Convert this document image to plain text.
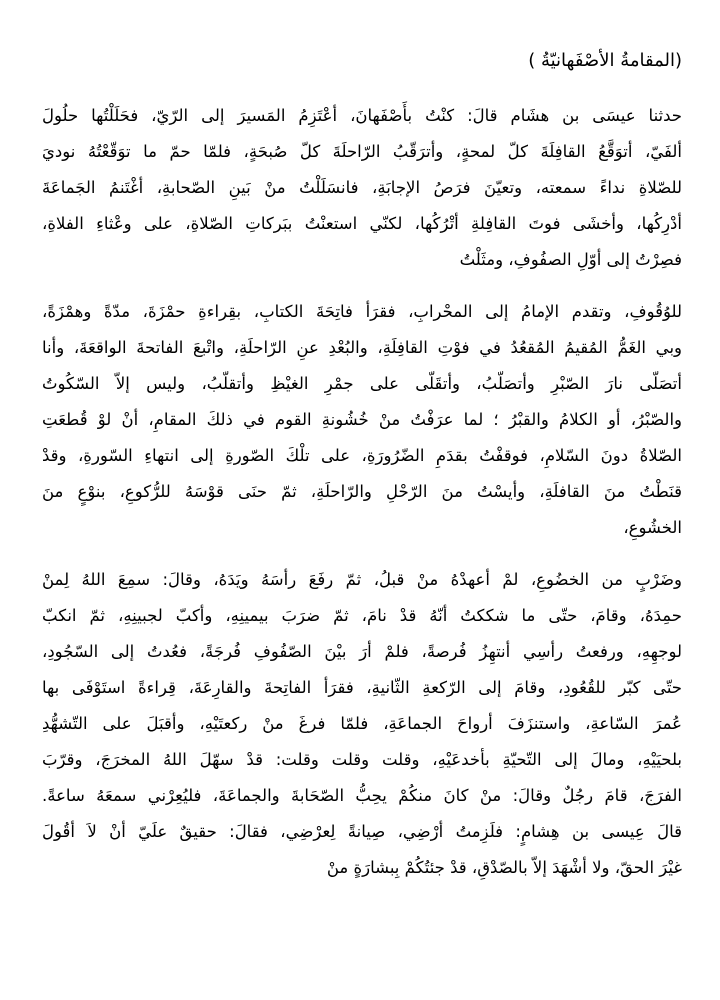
(المقامةُ الأصْفَهانيّةُ )
حدثنا عيسَى بن هشَام قالَ: كنْتُ بأَصْفَهانَ، أعْتَزِمُ المَسيرَ إلى الرّيّ، فحَلَلْتُها حلُولَ
ألفَيّ، أتوَقَّعُ القافِلَةَ كلّ لمحةٍ، وأترَقّبُ الرّاحلَةَ كلّ صُبحَةٍ، فلمّا حمّ ما توَقّعْتُهُ نوديَ
للصّلاةِ نداءً سمعته، وتعيّنَ فرَصُ الإجابَةِ، فانسَلَلْتُ منْ بَينِ الصّحابةِ، أغْتَنمُ الجَماعَةَ
أدْرِكُها، وأخشَى فوتَ القافِلةِ أتْرُكُها، لكنّي استعنْتُ ببَركاتِ الصّلاةِ، على وعْثاءِ الفلاةِ،
فصِرْتُ إلى أوّلِ الصفُوفِ، ومثَلْتُ
للوُقُوفِ، وتقدم الإمامُ إلى المحْرابِ، فقرَأ فاتِحَةَ الكتابِ، بقِراءةِ حمْزَةَ، مدّةً وهمْزَةً،
وبي الغَمُّ المُقيمُ المُقعُدُ في فوْتِ القافِلَةِ، والبُعْدِ عنِ الرّاحلَةِ، واتْبعَ الفاتحةَ الواقعَةَ، وأنا
أتصَلّى نارَ الصّبْرِ وأتصَلّبُ، وأتقَلّى على جمْرِ الغيْظِ وأتقلّبُ، وليس إلاّ السّكُوتُ
والصّبْرُ، أو الكلامُ والقبْرُ ؛ لما عرَفْتُ منْ خُشُونةِ القوم في ذلكَ المقامِ، أنْ لوْ قُطعَتِ
الصّلاةُ دونَ السّلامِ، فوقفْتُ بقدَمِ الضّرُورَةِ، على تلْكَ الصّورةِ إلى انتهاءِ السّورةِ، وقدْ
قنَطْتُ منَ القافلَةِ، وأيسْتُ منَ الرّحْلِ والرّاحلَةِ، ثمّ حنَى قوْسَهُ للرُّكوعِ، بنوْعٍ منَ
الخشُوعِ،
وضَرْبٍ من الخضُوعِ، لمْ أعهدْهُ منْ قبلُ، ثمّ رفَعَ رأسَهُ ويَدَهُ، وقالَ: سمِعَ اللهُ لِمنْ
حمِدَهُ، وقامَ، حتّى ما شككتُ أنّهُ قدْ نامَ، ثمّ ضرَبَ بيمينِهِ، وأكبّ لجبينِهِ، ثمّ انكبّ
لوجهِهِ، ورفعتُ رأسِي أنتهِزُ فُرصةً، فلمْ أرَ بيْنَ الصّفُوفِ فُرجَةً، فعُدتُ إلى السّجُودِ،
حتّى كبّر للقُعُودِ، وقامَ إلى الرّكعةِ الثّانيةِ، فقرَأ الفاتِحةَ والقارِعَةَ، قِراءةً استَوْفَى بها
عُمرَ السّاعةِ، واستنزَفَ أرواحَ الجماعَةِ، فلمّا فرغَ منْ ركعتَيْهِ، وأقبَلَ على التّشهُّدِ
بلحيَيْهِ، ومالَ إلى التّحيّةِ بأخدعَيْهِ، وقلت وقلت وقلت: قدْ سهّلَ اللهُ المخرَجَ، وقرّبَ
الفرَجَ، قامَ رجُلٌ وقالَ: منْ كانَ منكُمْ يحِبُّ الصّحَابةَ والجماعَةَ، فليُعِرْني سمعَهُ ساعةً.
قالَ عِيسى بن هِشامٍ: فلَزِمتُ أرْضِي، صِيانةً لِعرْضِي، فقالَ: حقيقٌ علَيّ أنْ لاَ أقُولَ
غيْرَ الحقّ، ولا أشْهَدَ إلاّ بالصّدْقِ، قدْ جئتُكُمْ بِبشارَةٍ منْ
